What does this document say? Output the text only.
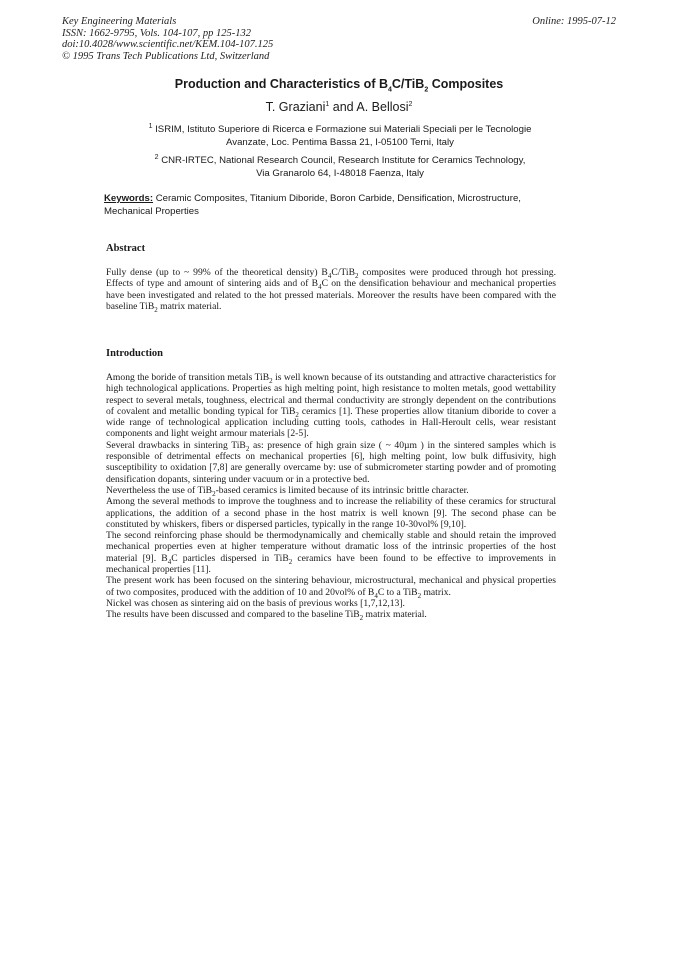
Key Engineering Materials
ISSN: 1662-9795, Vols. 104-107, pp 125-132
doi:10.4028/www.scientific.net/KEM.104-107.125
© 1995 Trans Tech Publications Ltd, Switzerland
Online: 1995-07-12
Production and Characteristics of $B_4C/TiB_2$ Composites
T. Graziani$^1$ and A. Bellosi$^2$
$^1$ ISRIM, Istituto Superiore di Ricerca e Formazione sui Materiali Speciali per le Tecnologie
Avanzate, Loc. Pentima Bassa 21, I-05100 Terni, Italy
$^2$ CNR-IRTEC, National Research Council, Research Institute for Ceramics Technology,
Via Granarolo 64, I-48018 Faenza, Italy
Keywords: Ceramic Composites, Titanium Diboride, Boron Carbide, Densification, Microstructure, Mechanical Properties
Abstract

Fully dense (up to ~ 99% of the theoretical density) $B_4C/TiB_2$ composites were produced through hot pressing. Effects of type and amount of sintering aids and of $B_4C$ on the densification behaviour and mechanical properties have been investigated and related to the hot pressed materials. Moreover the results have been compared with the baseline TiB$_2$ matrix material.

Introduction

Among the boride of transition metals TiB$_2$ is well known because of its outstanding and attractive characteristics for high technological applications. Properties as high melting point, high resistance to molten metals, good wettability respect to several metals, toughness, electrical and thermal conductivity are strongly dependent on the contributions of covalent and metallic bonding typical for TiB$_2$ ceramics [1]. These properties allow titanium diboride to cover a wide range of technological application including cutting tools, cathodes in Hall-Heroult cells, wear resistant components and light weight armour materials [2-5].

Several drawbacks in sintering TiB$_2$ as: presence of high grain size ( ~ 40µm ) in the sintered samples which is responsible of detrimental effects on mechanical properties [6], high melting point, low bulk diffusivity, high susceptibility to oxidation [7,8] are generally overcame by: use of submicrometer starting powder and of promoting densification dopants, sintering under vacuum or in a protective bed.

Nevertheless the use of TiB$_2$-based ceramics is limited because of its intrinsic brittle character.

Among the several methods to improve the toughness and to increase the reliability of these ceramics for structural applications, the addition of a second phase in the host matrix is well known [9]. The second phase can be constituted by whiskers, fibers or dispersed particles, typically in the range 10-30vol% [9,10].

The second reinforcing phase should be thermodynamically and chemically stable and should retain the improved mechanical properties even at higher temperature without dramatic loss of the intrinsic properties of the host material [9]. $B_4C$ particles dispersed in TiB$_2$ ceramics have been found to be effective to improvements in mechanical properties [11].

The present work has been focused on the sintering behaviour, microstructural, mechanical and physical properties of two composites, produced with the addition of 10 and 20vol% of $B_4C$ to a TiB$_2$ matrix.

Nickel was chosen as sintering aid on the basis of previous works [1,7,12,13].

The results have been discussed and compared to the baseline TiB$_2$ matrix material.
